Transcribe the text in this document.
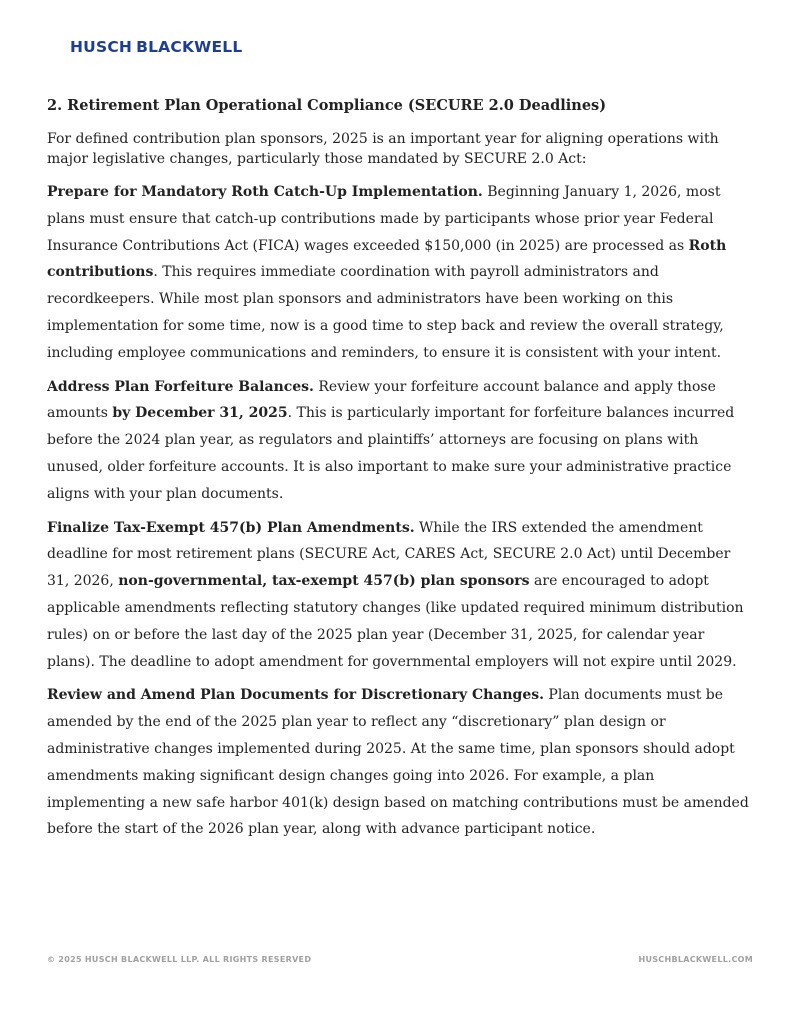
HUSCH BLACKWELL

2. Retirement Plan Operational Compliance (SECURE 2.0 Deadlines)

For defined contribution plan sponsors, 2025 is an important year for aligning operations with major legislative changes, particularly those mandated by SECURE 2.0 Act:

Prepare for Mandatory Roth Catch-Up Implementation. Beginning January 1, 2026, most plans must ensure that catch-up contributions made by participants whose prior year Federal Insurance Contributions Act (FICA) wages exceeded $150,000 (in 2025) are processed as Roth contributions. This requires immediate coordination with payroll administrators and recordkeepers. While most plan sponsors and administrators have been working on this implementation for some time, now is a good time to step back and review the overall strategy, including employee communications and reminders, to ensure it is consistent with your intent.

Address Plan Forfeiture Balances. Review your forfeiture account balance and apply those amounts by December 31, 2025. This is particularly important for forfeiture balances incurred before the 2024 plan year, as regulators and plaintiffs’ attorneys are focusing on plans with unused, older forfeiture accounts. It is also important to make sure your administrative practice aligns with your plan documents.

Finalize Tax-Exempt 457(b) Plan Amendments. While the IRS extended the amendment deadline for most retirement plans (SECURE Act, CARES Act, SECURE 2.0 Act) until December 31, 2026, non-governmental, tax-exempt 457(b) plan sponsors are encouraged to adopt applicable amendments reflecting statutory changes (like updated required minimum distribution rules) on or before the last day of the 2025 plan year (December 31, 2025, for calendar year plans). The deadline to adopt amendment for governmental employers will not expire until 2029.

Review and Amend Plan Documents for Discretionary Changes. Plan documents must be amended by the end of the 2025 plan year to reflect any “discretionary” plan design or administrative changes implemented during 2025. At the same time, plan sponsors should adopt amendments making significant design changes going into 2026. For example, a plan implementing a new safe harbor 401(k) design based on matching contributions must be amended before the start of the 2026 plan year, along with advance participant notice.

© 2025 HUSCH BLACKWELL LLP. ALL RIGHTS RESERVED	HUSCHBLACKWELL.COM
